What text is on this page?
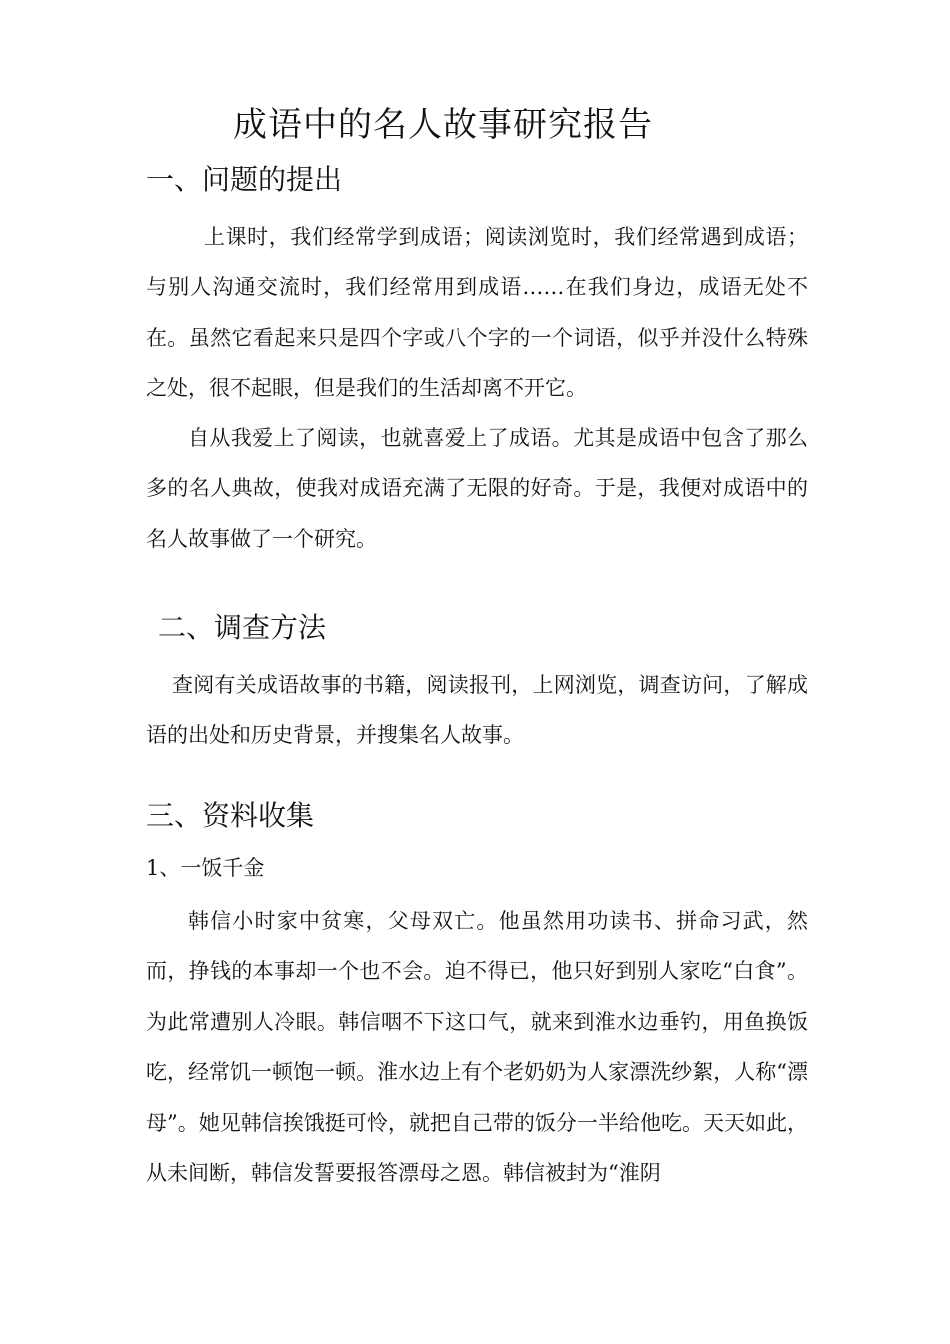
成语中的名人故事研究报告
一、问题的提出

上课时，我们经常学到成语；阅读浏览时，我们经常遇到成语；与别人沟通交流时，我们经常用到成语……在我们身边，成语无处不在。虽然它看起来只是四个字或八个字的一个词语，似乎并没什么特殊之处，很不起眼，但是我们的生活却离不开它。

自从我爱上了阅读，也就喜爱上了成语。尤其是成语中包含了那么多的名人典故，使我对成语充满了无限的好奇。于是，我便对成语中的名人故事做了一个研究。

二、调查方法

查阅有关成语故事的书籍，阅读报刊，上网浏览，调查访问，了解成语的出处和历史背景，并搜集名人故事。

三、资料收集
1、一饭千金

韩信小时家中贫寒，父母双亡。他虽然用功读书、拼命习武，然而，挣钱的本事却一个也不会。迫不得已，他只好到别人家吃“白食”。为此常遭别人冷眼。韩信咽不下这口气，就来到淮水边垂钓，用鱼换饭吃，经常饥一顿饱一顿。淮水边上有个老奶奶为人家漂洗纱絮，人称“漂母”。她见韩信挨饿挺可怜，就把自己带的饭分一半给他吃。天天如此，从未间断，韩信发誓要报答漂母之恩。韩信被封为“淮阴
